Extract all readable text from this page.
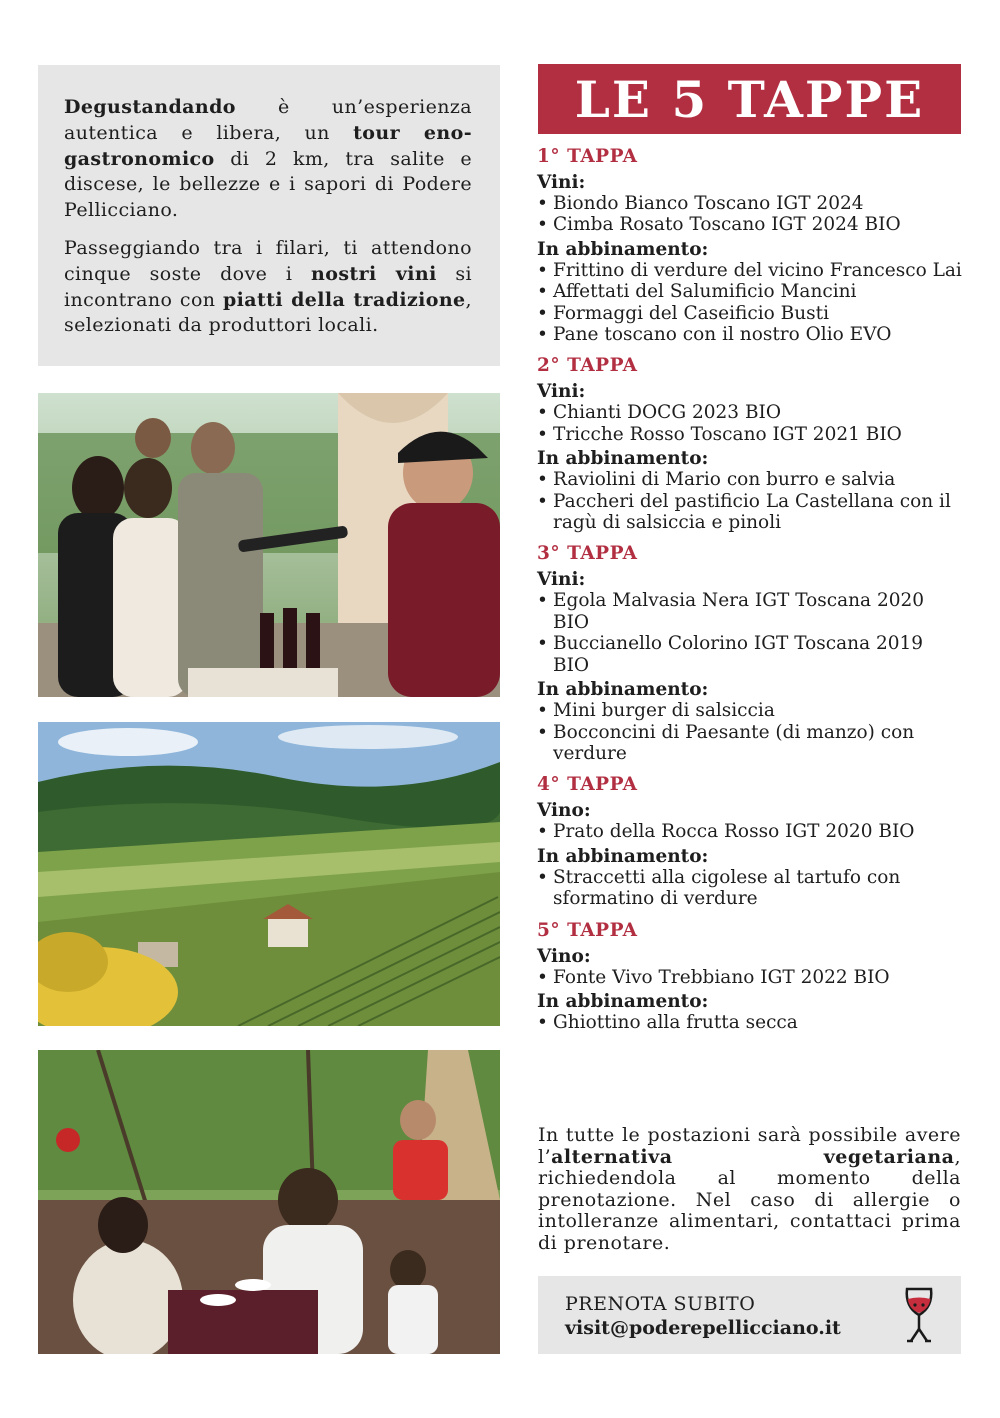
Degustandando è un’esperienza autentica e libera, un tour eno-gastronomico di 2 km, tra salite e discese, le bellezze e i sapori di Podere Pellicciano.

Passeggiando tra i filari, ti attendono cinque soste dove i nostri vini si incontrano con piatti della tradizione, selezionati da produttori locali.

LE 5 TAPPE
1° TAPPA
Vini:
• Biondo Bianco Toscano IGT 2024
• Cimba Rosato Toscano IGT 2024 BIO
In abbinamento:
• Frittino di verdure del vicino Francesco Lai
• Affettati del Salumificio Mancini
• Formaggi del Caseificio Busti
• Pane toscano con il nostro Olio EVO
2° TAPPA
Vini:
• Chianti DOCG 2023 BIO
• Tricche Rosso Toscano IGT 2021 BIO
In abbinamento:
• Raviolini di Mario con burro e salvia
• Paccheri del pastificio La Castellana con il ragù di salsiccia e pinoli
3° TAPPA
Vini:
• Egola Malvasia Nera IGT Toscana 2020 BIO
• Buccianello Colorino IGT Toscana 2019 BIO
In abbinamento:
• Mini burger di salsiccia
• Bocconcini di Paesante (di manzo) con verdure
4° TAPPA
Vino:
• Prato della Rocca Rosso IGT 2020 BIO
In abbinamento:
• Straccetti alla cigolese al tartufo con sformatino di verdure
5° TAPPA
Vino:
• Fonte Vivo Trebbiano IGT 2022 BIO
In abbinamento:
• Ghiottino alla frutta secca
In tutte le postazioni sarà possibile avere l’alternativa vegetariana, richiedendola al momento della prenotazione. Nel caso di allergie o intolleranze alimentari, contattaci prima di prenotare.
PRENOTA SUBITO
visit@poderepellicciano.it
